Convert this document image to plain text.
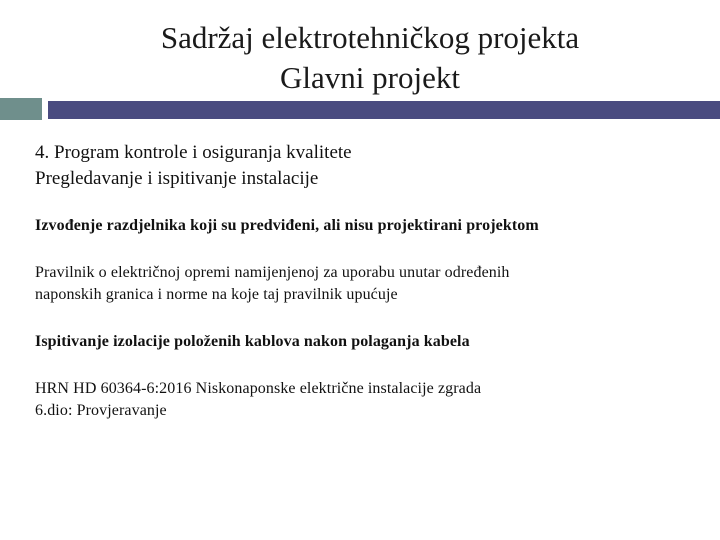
Sadržaj elektrotehničkog projekta
Glavni projekt
4. Program kontrole i osiguranja kvalitete
Pregledavanje i ispitivanje instalacije

Izvođenje razdjelnika koji su predviđeni, ali nisu projektirani projektom

Pravilnik o električnoj opremi namijenjenoj za uporabu unutar određenih
naponskih granica i norme na koje taj pravilnik upućuje

Ispitivanje izolacije položenih kablova nakon polaganja kabela

HRN HD 60364-6:2016 Niskonaponske električne instalacije zgrada
6.dio: Provjeravanje
